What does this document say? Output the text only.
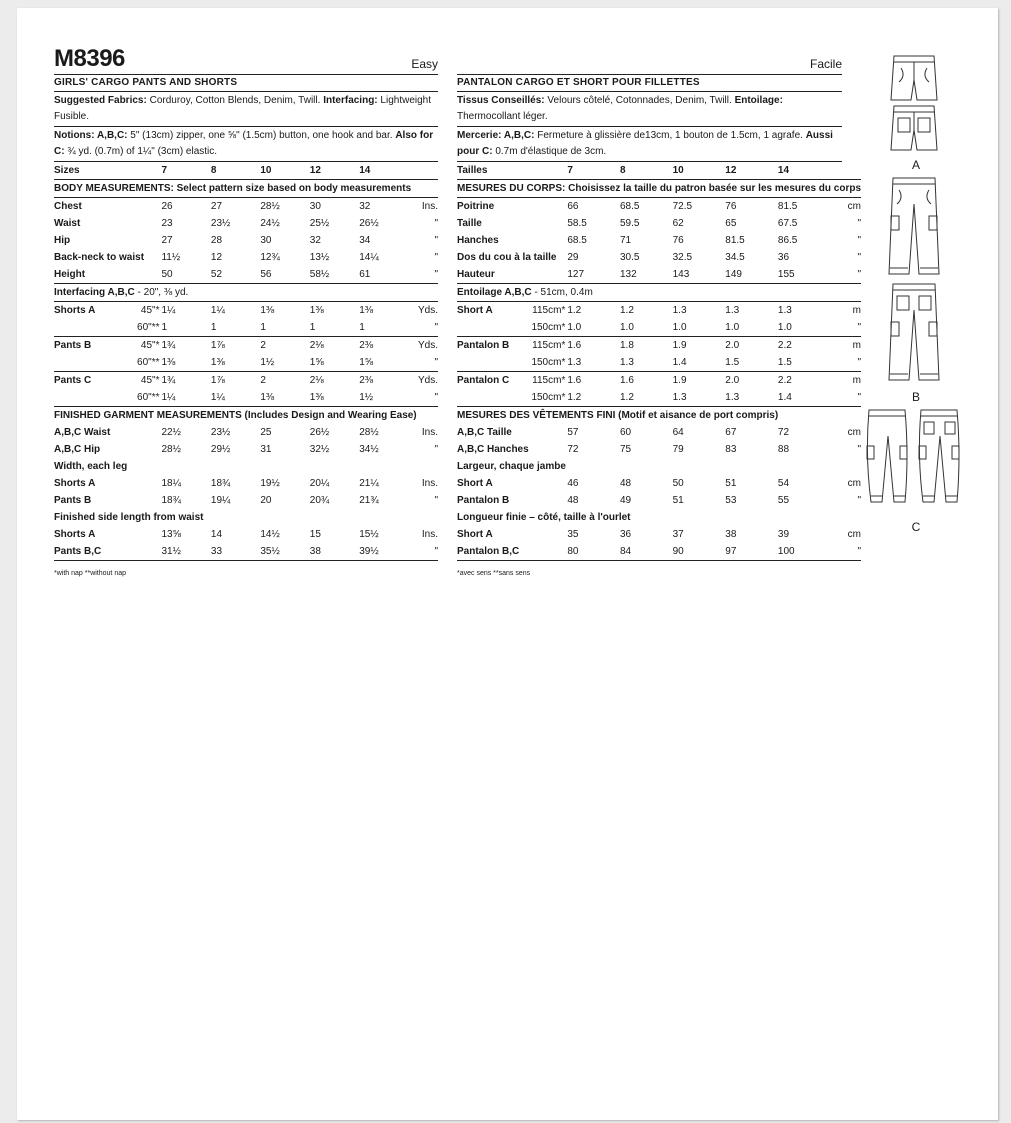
M8396	Easy
GIRLS' CARGO PANTS AND SHORTS
Suggested Fabrics: Corduroy, Cotton Blends, Denim, Twill. Interfacing: Lightweight Fusible.
Notions: A,B,C: 5" (13cm) zipper, one ⅝" (1.5cm) button, one hook and bar. Also for C: ¾ yd. (0.7m) of 1¼" (3cm) elastic.
Sizes		7	8	10	12	14	
BODY MEASUREMENTS: Select pattern size based on body measurements							
Chest		26	27	28½	30	32	Ins.
Waist		23	23½	24½	25½	26½	"
Hip		27	28	30	32	34	"
Back-neck to waist		11½	12	12¾	13½	14¼	"
Height		50	52	56	58½	61	"
Interfacing A,B,C - 20", ⅜ yd.							
Shorts A	45"*	1¼	1¼	1⅜	1⅜	1⅜	Yds.
	60"**	1	1	1	1	1	"
Pants B	45"*	1¾	1⅞	2	2⅛	2⅜	Yds.
	60"**	1⅜	1⅜	1½	1⅝	1⅝	"
Pants C	45"*	1¾	1⅞	2	2⅛	2⅜	Yds.
	60"**	1¼	1¼	1⅜	1⅜	1½	"
FINISHED GARMENT MEASUREMENTS (Includes Design and Wearing Ease)							
A,B,C Waist		22½	23½	25	26½	28½	Ins.
A,B,C Hip		28½	29½	31	32½	34½	"
Width, each leg							
Shorts A		18¼	18¾	19½	20¼	21¼	Ins.
Pants B		18¾	19¼	20	20¾	21¾	"
Finished side length from waist							
Shorts A		13⅝	14	14½	15	15½	Ins.
Pants B,C		31½	33	35½	38	39½	"
*with nap **without nap
Facile
PANTALON CARGO ET SHORT POUR FILLETTES
Tissus Conseillés: Velours côtelé, Cotonnades, Denim, Twill. Entoilage: Thermocollant léger.
Mercerie: A,B,C: Fermeture à glissière de13cm, 1 bouton de 1.5cm, 1 agrafe. Aussi pour C: 0.7m d'élastique de 3cm.
Tailles		7	8	10	12	14	
MESURES DU CORPS: Choisissez la taille du patron basée sur les mesures du corps							
Poitrine		66	68.5	72.5	76	81.5	cm
Taille		58.5	59.5	62	65	67.5	"
Hanches		68.5	71	76	81.5	86.5	"
Dos du cou à la taille		29	30.5	32.5	34.5	36	"
Hauteur		127	132	143	149	155	"
Entoilage A,B,C - 51cm, 0.4m							
Short A	115cm*	1.2	1.2	1.3	1.3	1.3	m
	150cm*	1.0	1.0	1.0	1.0	1.0	"
Pantalon B	115cm*	1.6	1.8	1.9	2.0	2.2	m
	150cm*	1.3	1.3	1.4	1.5	1.5	"
Pantalon C	115cm*	1.6	1.6	1.9	2.0	2.2	m
	150cm*	1.2	1.2	1.3	1.3	1.4	"
MESURES DES VÊTEMENTS FINI (Motif et aisance de port compris)							
A,B,C Taille		57	60	64	67	72	cm
A,B,C Hanches		72	75	79	83	88	"
Largeur, chaque jambe							
Short A		46	48	50	51	54	cm
Pantalon B		48	49	51	53	55	"
Longueur finie – côté, taille à l'ourlet							
Short A		35	36	37	38	39	cm
Pantalon B,C		80	84	90	97	100	"
*avec sens **sans sens
A
B
C
